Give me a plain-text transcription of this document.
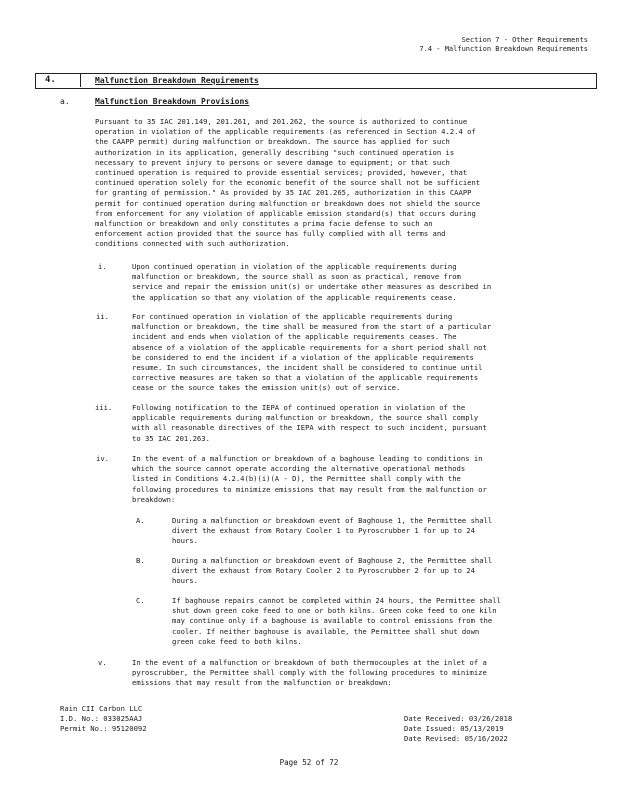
Section 7 - Other Requirements
7.4 - Malfunction Breakdown Requirements
4.	Malfunction Breakdown Requirements
a.	Malfunction Breakdown Provisions
Pursuant to 35 IAC 201.149, 201.261, and 201.262, the source is authorized to continue
operation in violation of the applicable requirements (as referenced in Section 4.2.4 of
the CAAPP permit) during malfunction or breakdown. The source has applied for such
authorization in its application, generally describing "such continued operation is
necessary to prevent injury to persons or severe damage to equipment; or that such
continued operation is required to provide essential services; provided, however, that
continued operation solely for the economic benefit of the source shall not be sufficient
for granting of permission." As provided by 35 IAC 201.265, authorization in this CAAPP
permit for continued operation during malfunction or breakdown does not shield the source
from enforcement for any violation of applicable emission standard(s) that occurs during
malfunction or breakdown and only constitutes a prima facie defense to such an
enforcement action provided that the source has fully complied with all terms and
conditions connected with such authorization.
i.	Upon continued operation in violation of the applicable requirements during
malfunction or breakdown, the source shall as soon as practical, remove from
service and repair the emission unit(s) or undertake other measures as described in
the application so that any violation of the applicable requirements cease.
ii.	For continued operation in violation of the applicable requirements during
malfunction or breakdown, the time shall be measured from the start of a particular
incident and ends when violation of the applicable requirements ceases. The
absence of a violation of the applicable requirements for a short period shall not
be considered to end the incident if a violation of the applicable requirements
resume. In such circumstances, the incident shall be considered to continue until
corrective measures are taken so that a violation of the applicable requirements
cease or the source takes the emission unit(s) out of service.
iii.	Following notification to the IEPA of continued operation in violation of the
applicable requirements during malfunction or breakdown, the source shall comply
with all reasonable directives of the IEPA with respect to such incident, pursuant
to 35 IAC 201.263.
iv.	In the event of a malfunction or breakdown of a baghouse leading to conditions in
which the source cannot operate according the alternative operational methods
listed in Conditions 4.2.4(b)(i)(A - D), the Permittee shall comply with the
following procedures to minimize emissions that may result from the malfunction or
breakdown:
A.	During a malfunction or breakdown event of Baghouse 1, the Permittee shall
divert the exhaust from Rotary Cooler 1 to Pyroscrubber 1 for up to 24
hours.
B.	During a malfunction or breakdown event of Baghouse 2, the Permittee shall
divert the exhaust from Rotary Cooler 2 to Pyroscrubber 2 for up to 24
hours.
C.	If baghouse repairs cannot be completed within 24 hours, the Permittee shall
shut down green coke feed to one or both kilns. Green coke feed to one kiln
may continue only if a baghouse is available to control emissions from the
cooler. If neither baghouse is available, the Permittee shall shut down
green coke feed to both kilns.
v.	In the event of a malfunction or breakdown of both thermocouples at the inlet of a
pyroscrubber, the Permittee shall comply with the following procedures to minimize
emissions that may result from the malfunction or breakdown:
Rain CII Carbon LLC
I.D. No.: 033025AAJ
Permit No.: 95120092
Date Received: 03/26/2018
Date Issued: 05/13/2019
Date Revised: 05/16/2022
Page 52 of 72
